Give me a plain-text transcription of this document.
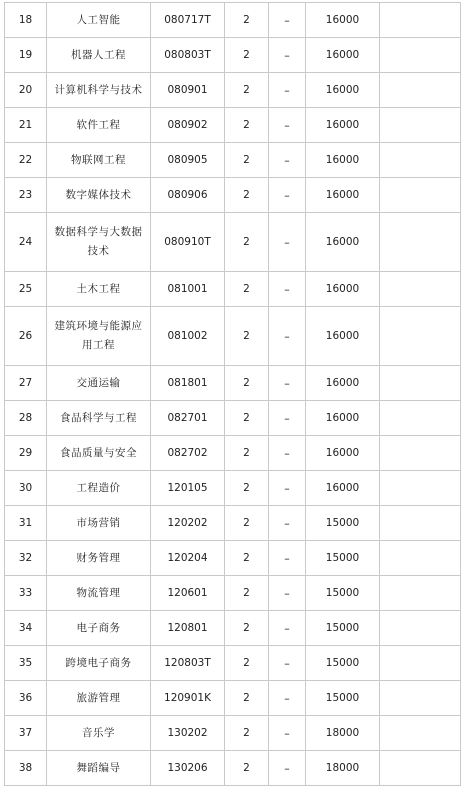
18	人工智能	080717T	2	–	16000	
19	机器人工程	080803T	2	–	16000	
20	计算机科学与技术	080901	2	–	16000	
21	软件工程	080902	2	–	16000	
22	物联网工程	080905	2	–	16000	
23	数字媒体技术	080906	2	–	16000	
24	数据科学与大数据技术	080910T	2	–	16000	
25	土木工程	081001	2	–	16000	
26	建筑环境与能源应用工程	081002	2	–	16000	
27	交通运输	081801	2	–	16000	
28	食品科学与工程	082701	2	–	16000	
29	食品质量与安全	082702	2	–	16000	
30	工程造价	120105	2	–	16000	
31	市场营销	120202	2	–	15000	
32	财务管理	120204	2	–	15000	
33	物流管理	120601	2	–	15000	
34	电子商务	120801	2	–	15000	
35	跨境电子商务	120803T	2	–	15000	
36	旅游管理	120901K	2	–	15000	
37	音乐学	130202	2	–	18000	
38	舞蹈编导	130206	2	–	18000	
